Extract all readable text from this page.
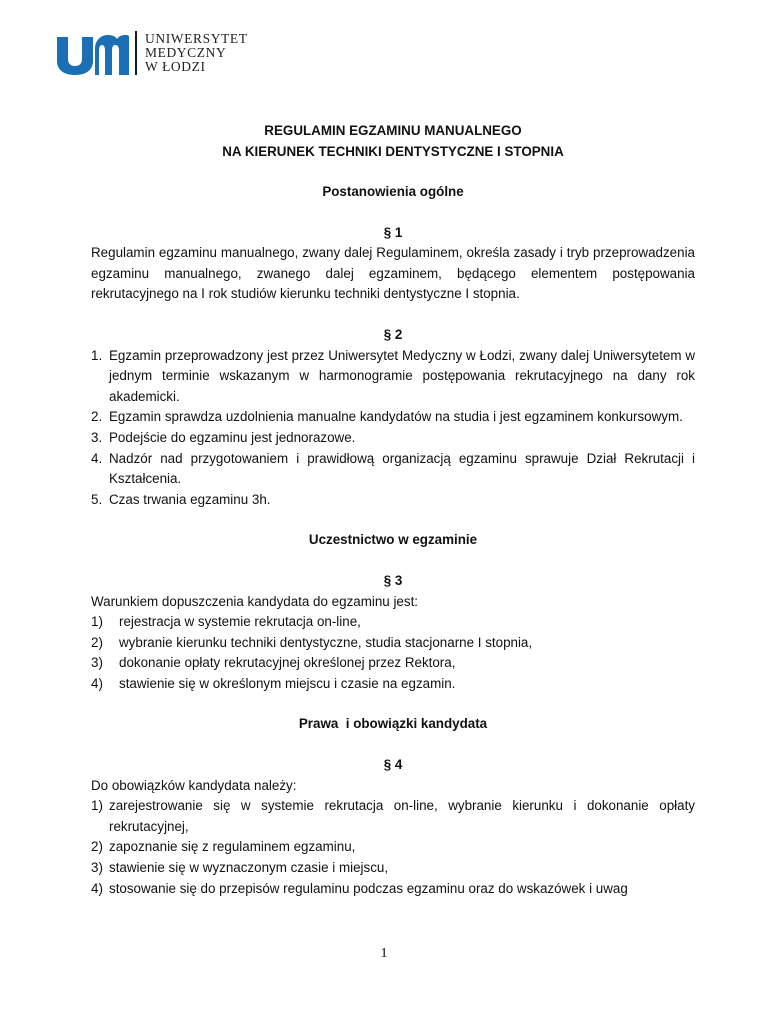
UNIWERSYTET
MEDYCZNY
W ŁODZI
REGULAMIN EGZAMINU MANUALNEGO
NA KIERUNEK TECHNIKI DENTYSTYCZNE I STOPNIA
Postanowienia ogólne
§ 1
Regulamin egzaminu manualnego, zwany dalej Regulaminem, określa zasady i tryb przeprowadzenia egzaminu manualnego, zwanego dalej egzaminem, będącego elementem postępowania rekrutacyjnego na I rok studiów kierunku techniki dentystyczne I stopnia.
§ 2
1. Egzamin przeprowadzony jest przez Uniwersytet Medyczny w Łodzi, zwany dalej Uniwersytetem w jednym terminie wskazanym w harmonogramie postępowania rekrutacyjnego na dany rok akademicki.
2. Egzamin sprawdza uzdolnienia manualne kandydatów na studia i jest egzaminem konkursowym.
3. Podejście do egzaminu jest jednorazowe.
4. Nadzór nad przygotowaniem i prawidłową organizacją egzaminu sprawuje Dział Rekrutacji i Kształcenia.
5. Czas trwania egzaminu 3h.
Uczestnictwo w egzaminie
§ 3
Warunkiem dopuszczenia kandydata do egzaminu jest:
1) rejestracja w systemie rekrutacja on-line,
2) wybranie kierunku techniki dentystyczne, studia stacjonarne I stopnia,
3) dokonanie opłaty rekrutacyjnej określonej przez Rektora,
4) stawienie się w określonym miejscu i czasie na egzamin.
Prawa  i obowiązki kandydata
§ 4
Do obowiązków kandydata należy:
1) zarejestrowanie się w systemie rekrutacja on-line, wybranie kierunku i dokonanie opłaty rekrutacyjnej,
2) zapoznanie się z regulaminem egzaminu,
3) stawienie się w wyznaczonym czasie i miejscu,
4) stosowanie się do przepisów regulaminu podczas egzaminu oraz do wskazówek i uwag
1
